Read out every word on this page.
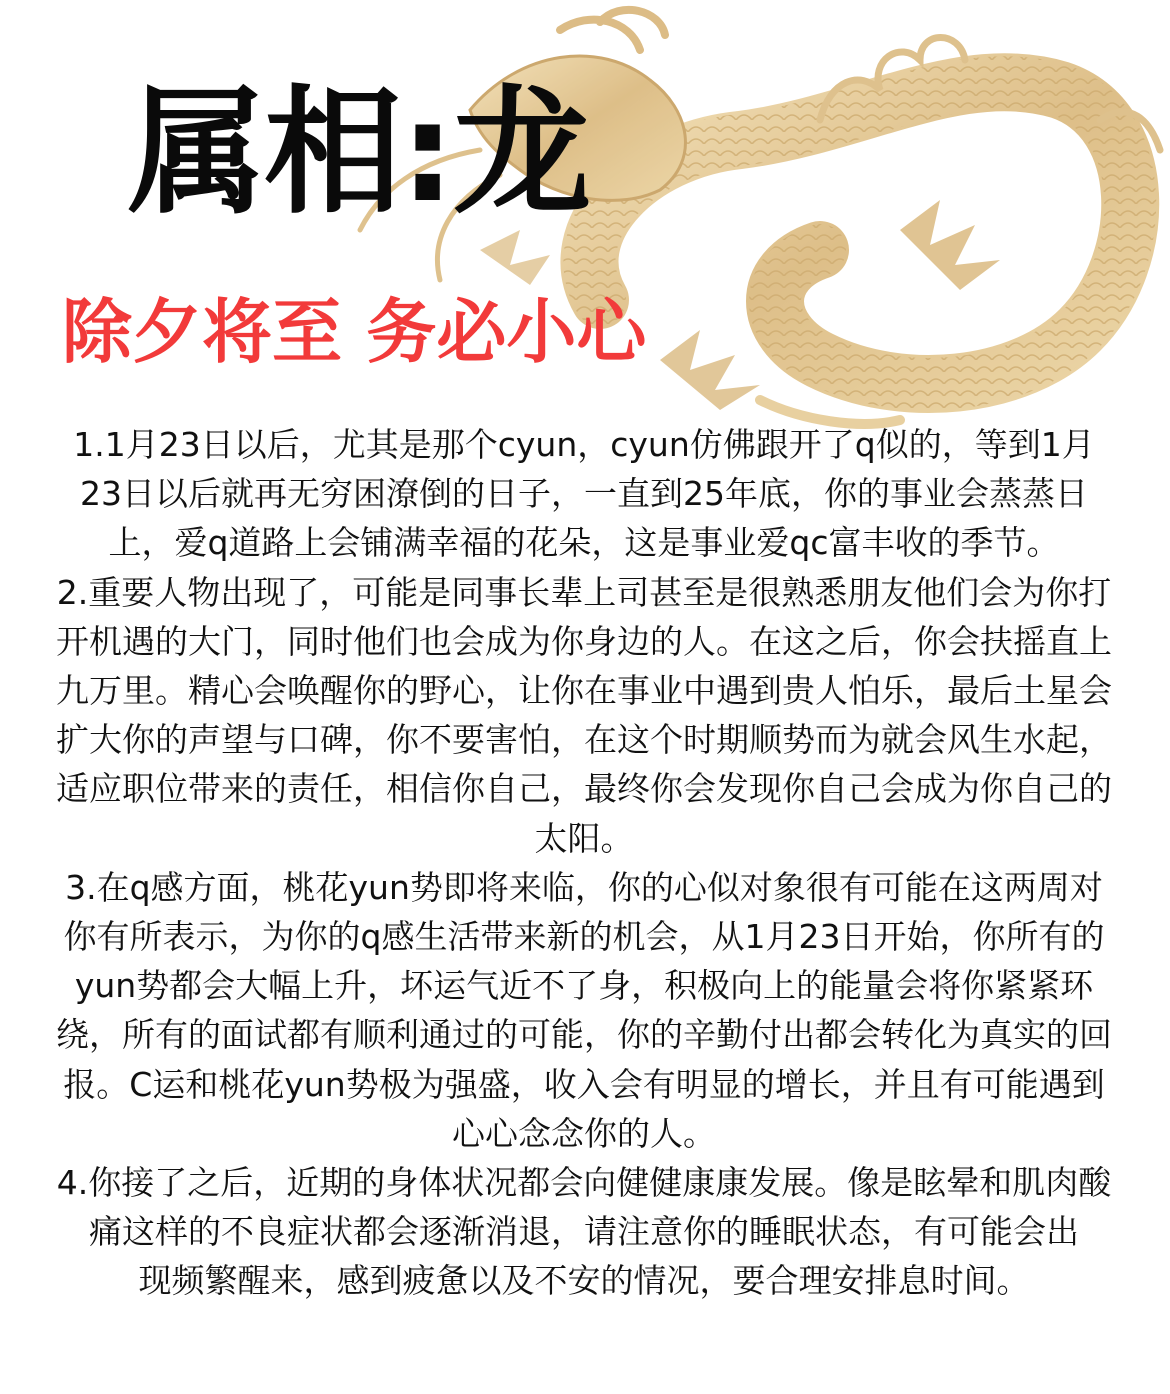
属相:龙
除夕将至 务必小心

1.1月23日以后，尤其是那个cyun，cyun仿佛跟开了q似的，等到1月23日以后就再无穷困潦倒的日子，一直到25年底，你的事业会蒸蒸日上，爱q道路上会铺满幸福的花朵，这是事业爱qc富丰收的季节。

2.重要人物出现了，可能是同事长辈上司甚至是很熟悉朋友他们会为你打开机遇的大门，同时他们也会成为你身边的人。在这之后，你会扶摇直上九万里。精心会唤醒你的野心，让你在事业中遇到贵人怕乐，最后土星会扩大你的声望与口碑，你不要害怕，在这个时期顺势而为就会风生水起，适应职位带来的责任，相信你自己，最终你会发现你自己会成为你自己的太阳。

3.在q感方面，桃花yun势即将来临，你的心似对象很有可能在这两周对你有所表示，为你的q感生活带来新的机会，从1月23日开始，你所有的yun势都会大幅上升，坏运气近不了身，积极向上的能量会将你紧紧环绕，所有的面试都有顺利通过的可能，你的辛勤付出都会转化为真实的回报。C运和桃花yun势极为强盛，收入会有明显的增长，并且有可能遇到心心念念你的人。

4.你接了之后，近期的身体状况都会向健健康康发展。像是眩晕和肌肉酸痛这样的不良症状都会逐渐消退，请注意你的睡眠状态，有可能会出

现频繁醒来，感到疲惫以及不安的情况，要合理安排息时间。
